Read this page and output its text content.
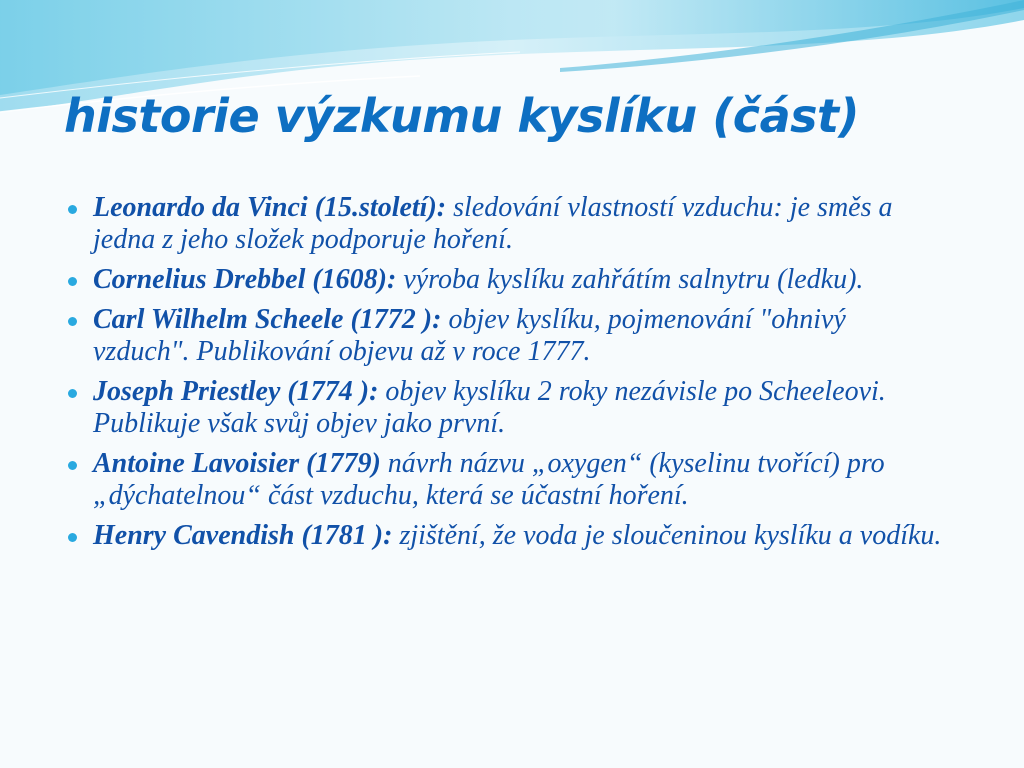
historie výzkumu kyslíku (část)
Leonardo da Vinci (15.století): sledování vlastností vzduchu: je směs a jedna z jeho složek podporuje hoření.
Cornelius Drebbel (1608): výroba kyslíku zahřátím salnytru (ledku).
Carl Wilhelm Scheele (1772 ): objev kyslíku, pojmenování "ohnivý vzduch". Publikování objevu až v roce 1777.
Joseph Priestley (1774 ): objev kyslíku 2 roky nezávisle po Scheeleovi. Publikuje však svůj objev jako první.
Antoine Lavoisier (1779) návrh názvu „oxygen“ (kyselinu tvořící) pro „dýchatelnou“ část vzduchu, která se účastní hoření.
Henry Cavendish (1781 ): zjištění, že voda je sloučeninou kyslíku a vodíku.
